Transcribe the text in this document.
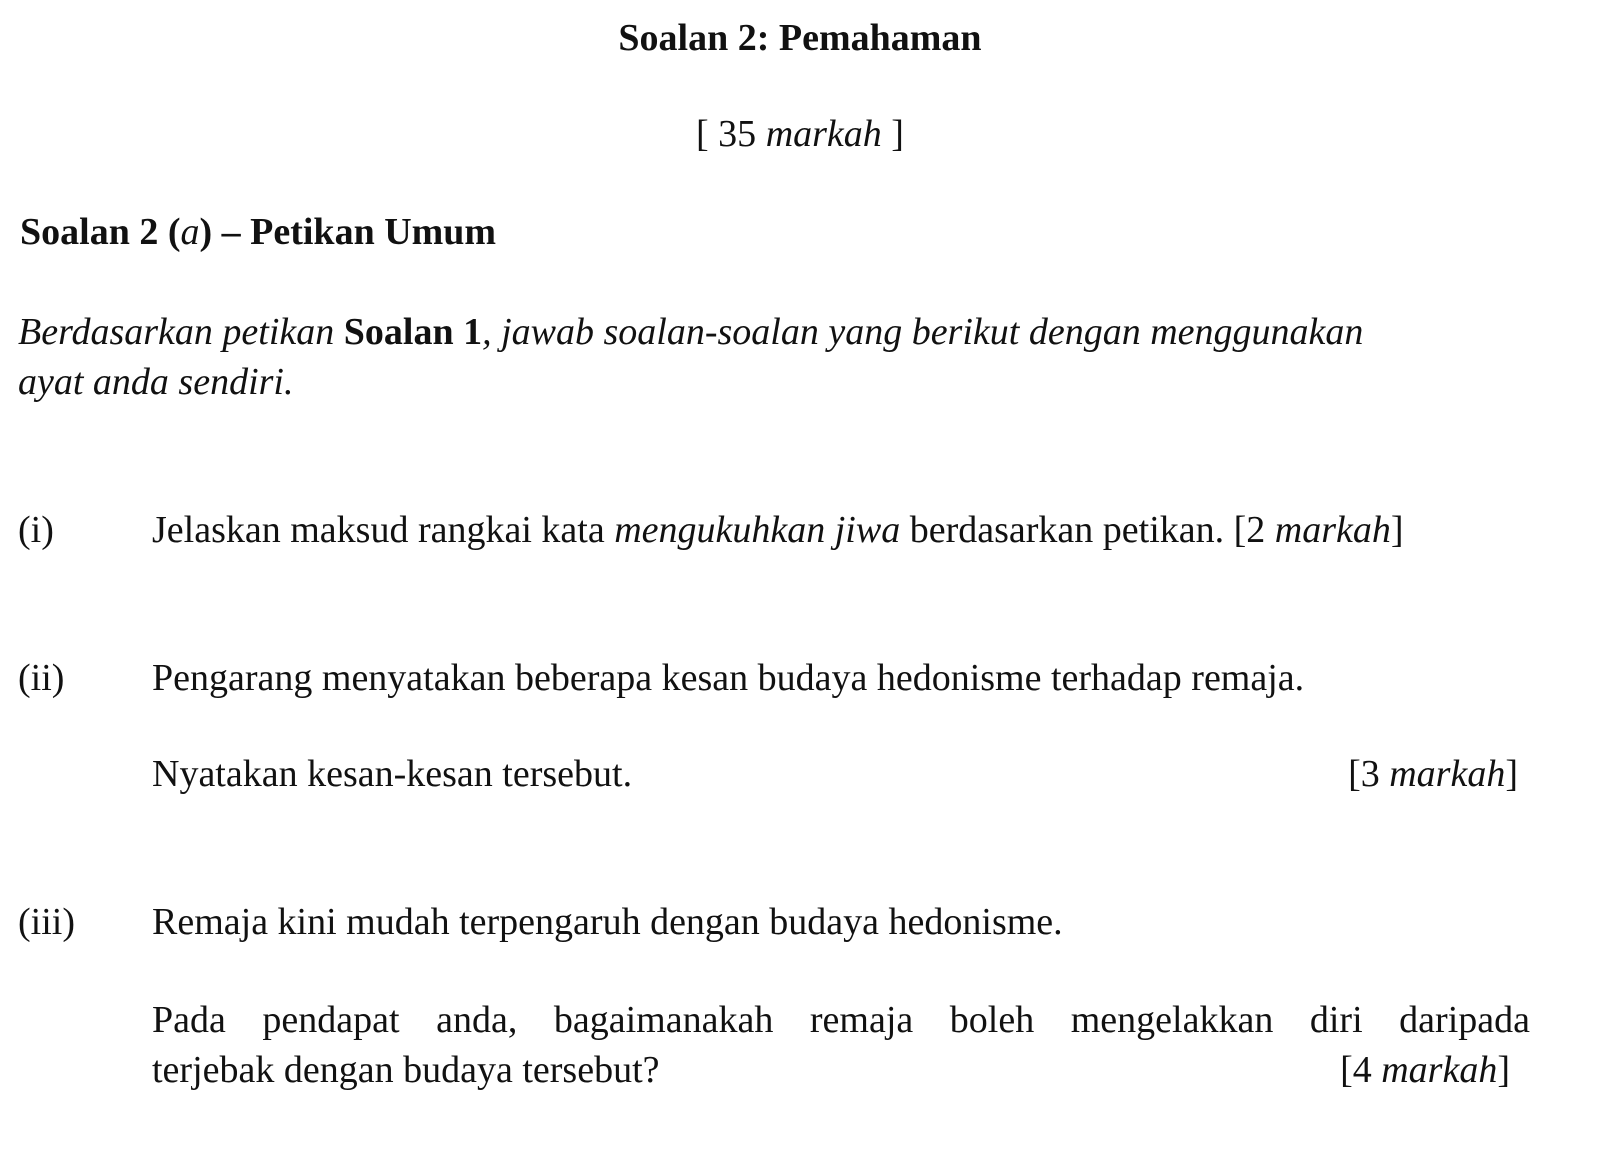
Soalan 2: Pemahaman
[ 35 markah ]
Soalan 2 (a) – Petikan Umum
Berdasarkan petikan Soalan 1, jawab soalan-soalan yang berikut dengan menggunakan
ayat anda sendiri.
(i)	Jelaskan maksud rangkai kata mengukuhkan jiwa berdasarkan petikan. [2 markah]
(ii) Pengarang menyatakan beberapa kesan budaya hedonisme terhadap remaja.
Nyatakan kesan-kesan tersebut.	[3 markah]
(iii) Remaja kini mudah terpengaruh dengan budaya hedonisme.
Pada pendapat anda, bagaimanakah remaja boleh mengelakkan diri daripada
terjebak dengan budaya tersebut?	[4 markah]
